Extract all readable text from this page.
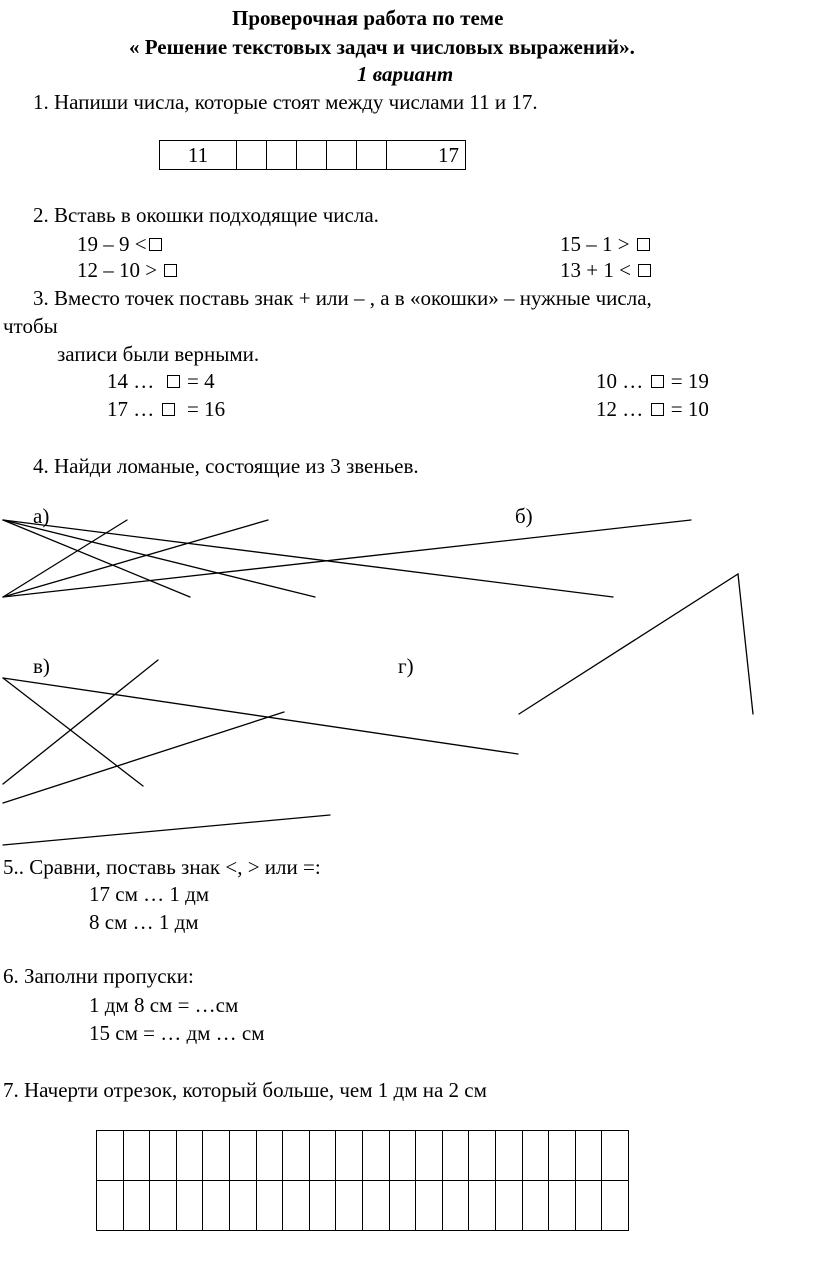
Проверочная работа по теме
« Решение текстовых задач и числовых выражений».
1 вариант
1. Напиши числа, которые стоят между числами 11 и 17.
11						17
2. Вставь в окошки подходящие числа.
19 – 9 <	15 – 1 >
12 – 10 >	13 + 1 <
3. Вместо точек поставь знак + или – , а в «окошки» – нужные числа,
чтобы
записи были верными.
14 … = 4	10 … = 19
17 … = 16	12 … = 10
4. Найди ломаные, состоящие из 3 звеньев.
а)	б)
в)	г)
5.. Сравни, поставь знак <, > или =:
17 см … 1 дм
8 см … 1 дм
6. Заполни пропуски:
1 дм 8 см = …см
15 см = … дм … см
7. Начерти отрезок, который больше, чем 1 дм на 2 см
